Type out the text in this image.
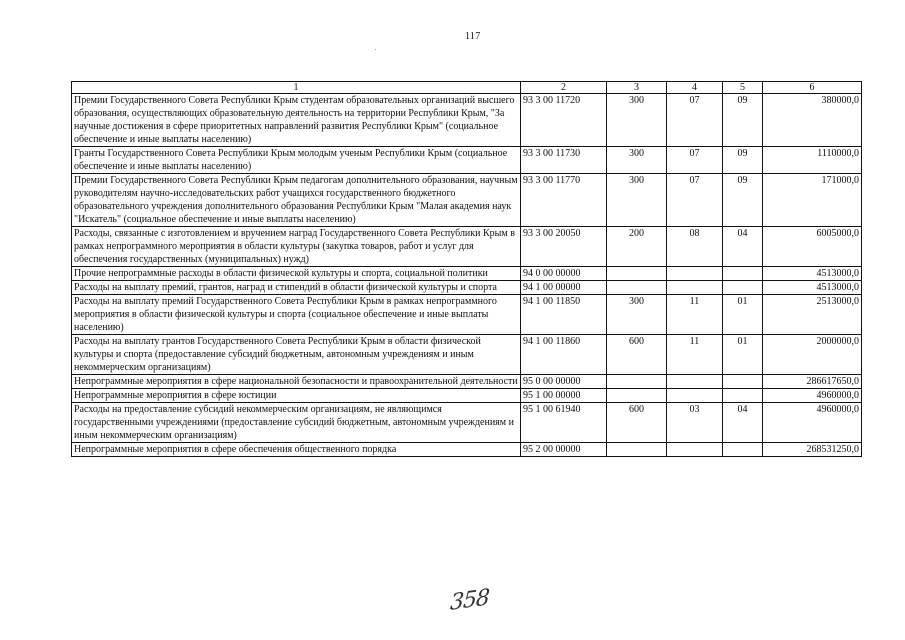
117
1	2	3	4	5	6
Премии Государственного Совета Республики Крым студентам образовательных организаций высшего образования, осуществляющих образовательную деятельность на территории Республики Крым, "За научные достижения в сфере приоритетных направлений развития Республики Крым" (социальное обеспечение и иные выплаты населению)	93 3 00 11720	300	07	09	380000,0
Гранты Государственного Совета Республики Крым молодым ученым Республики Крым (социальное обеспечение и иные выплаты населению)	93 3 00 11730	300	07	09	1110000,0
Премии Государственного Совета Республики Крым педагогам дополнительного образования, научным руководителям научно-исследовательских работ учащихся государственного бюджетного образовательного учреждения дополнительного образования Республики Крым "Малая академия наук "Искатель" (социальное обеспечение и иные выплаты населению)	93 3 00 11770	300	07	09	171000,0
Расходы, связанные с изготовлением и вручением наград Государственного Совета Республики Крым в рамках непрограммного мероприятия в области культуры (закупка товаров, работ и услуг для обеспечения государственных (муниципальных) нужд)	93 3 00 20050	200	08	04	6005000,0
Прочие непрограммные расходы в области физической культуры и спорта, социальной политики	94 0 00 00000				4513000,0
Расходы на выплату премий, грантов, наград и стипендий в области физической культуры и спорта	94 1 00 00000				4513000,0
Расходы на выплату премий Государственного Совета Республики Крым в рамках непрограммного мероприятия в области физической культуры и спорта (социальное обеспечение и иные выплаты населению)	94 1 00 11850	300	11	01	2513000,0
Расходы на выплату грантов Государственного Совета Республики Крым в области физической культуры и спорта (предоставление субсидий бюджетным, автономным учреждениям и иным некоммерческим организациям)	94 1 00 11860	600	11	01	2000000,0
Непрограммные мероприятия в сфере национальной безопасности и правоохранительной деятельности	95 0 00 00000				286617650,0
Непрограммные мероприятия в сфере юстиции	95 1 00 00000				4960000,0
Расходы на предоставление субсидий некоммерческим организациям, не являющимся государственными учреждениями (предоставление субсидий бюджетным, автономным учреждениям и иным некоммерческим организациям)	95 1 00 61940	600	03	04	4960000,0
Непрограммные мероприятия в сфере обеспечения общественного порядка	95 2 00 00000				268531250,0
358
